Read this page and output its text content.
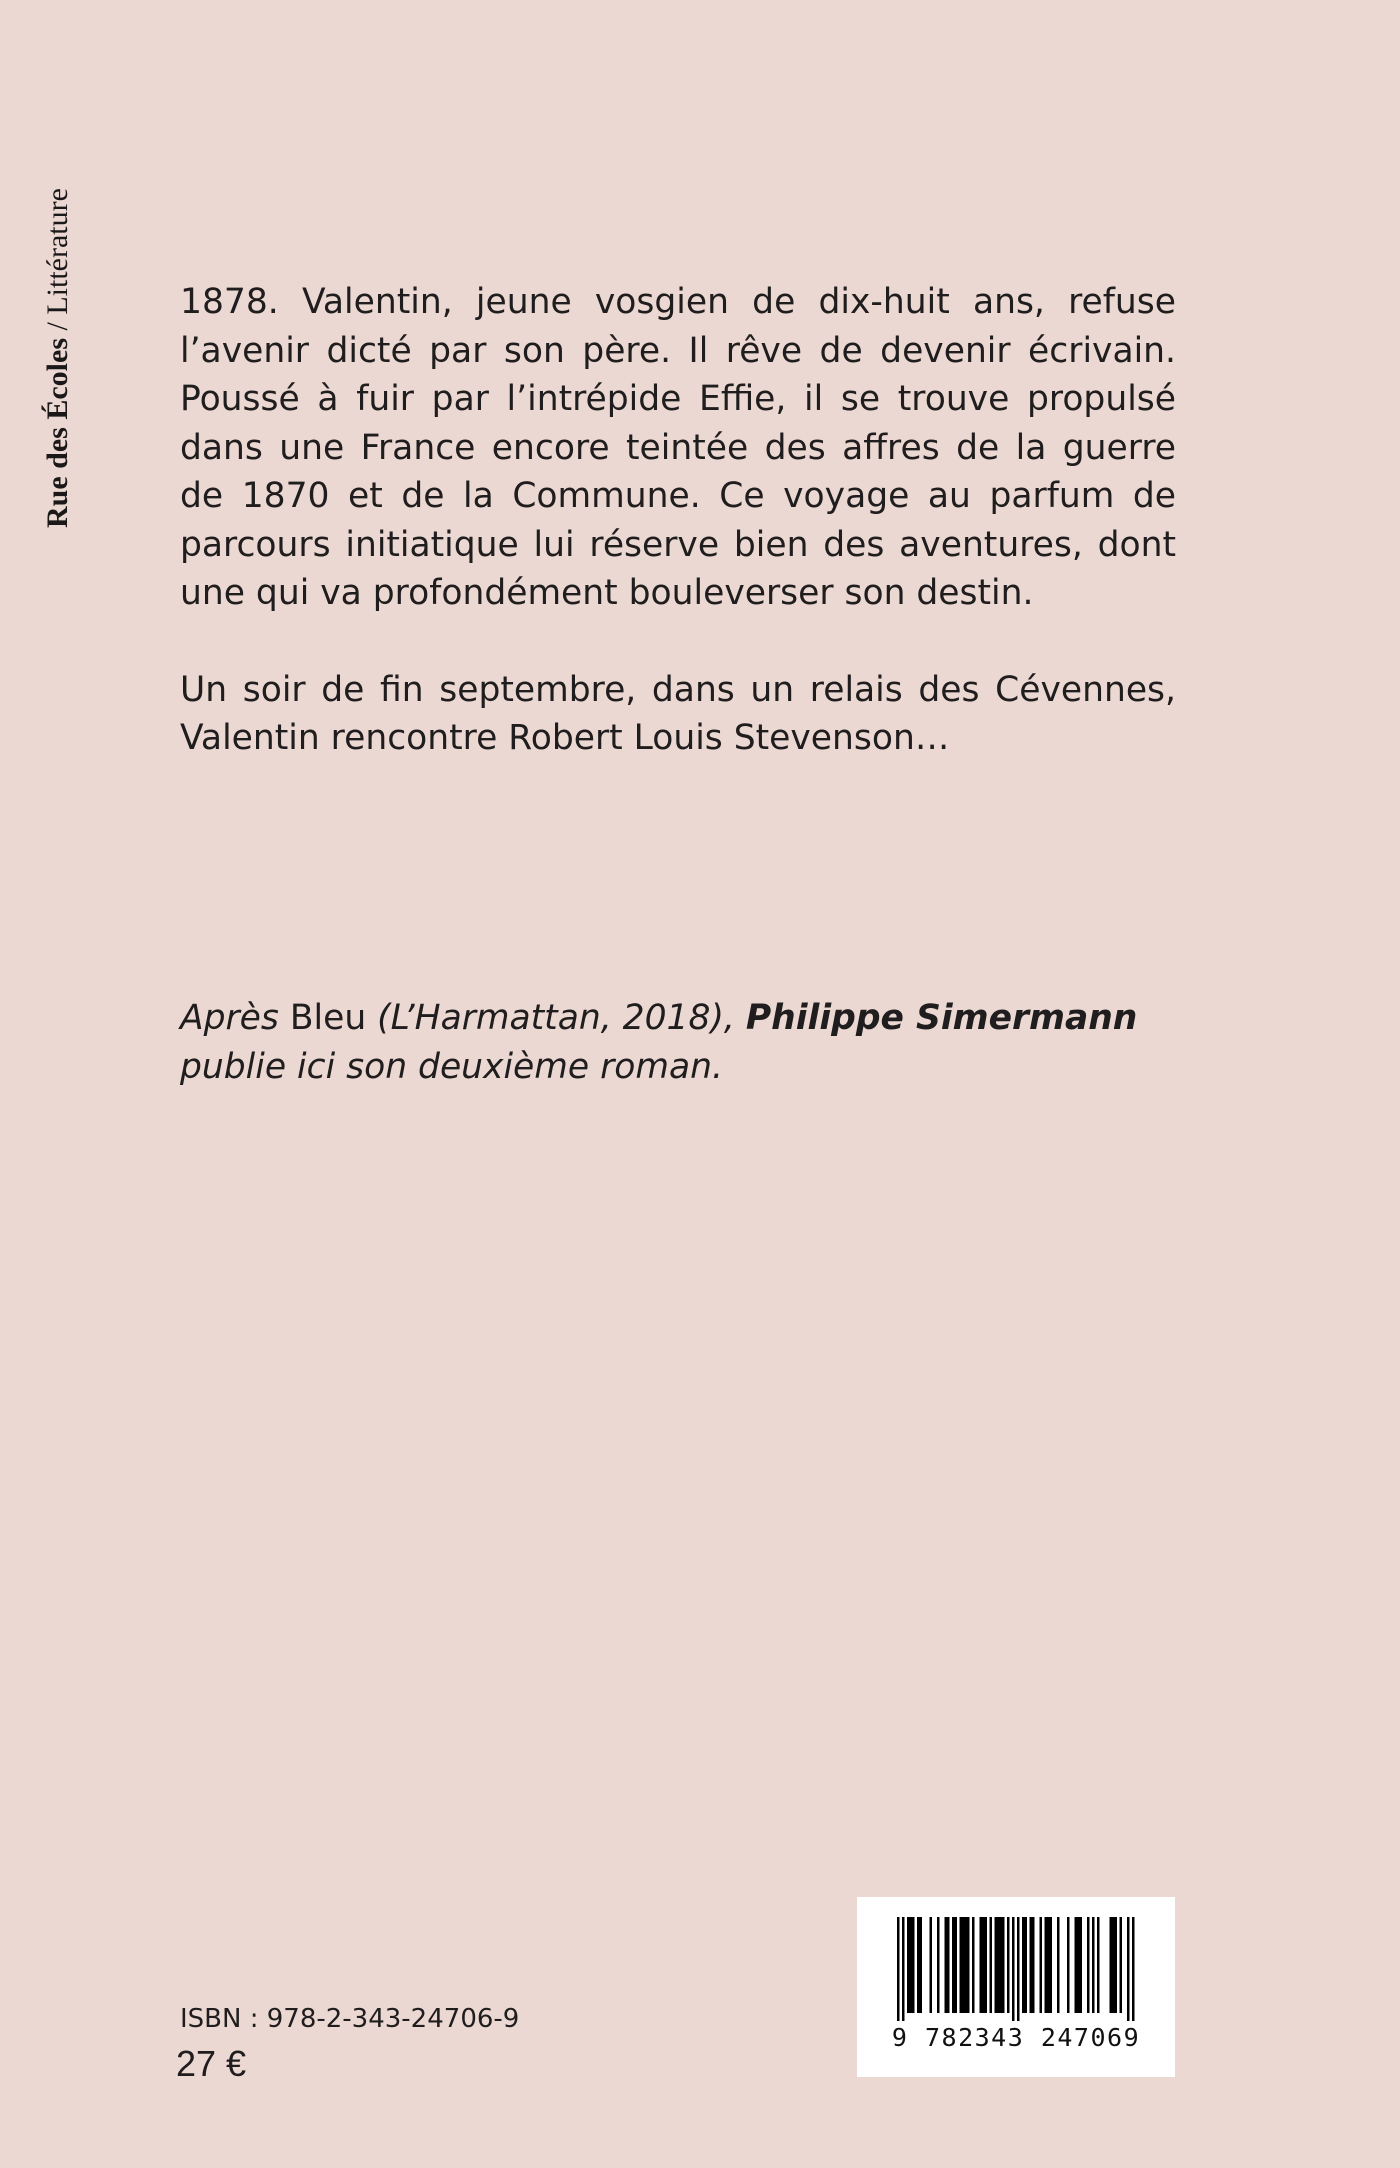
Rue des Écoles / Littérature	1878. Valentin, jeune vosgien de dix-huit ans, refuse l’avenir dicté par son père. Il rêve de devenir écrivain. Poussé à fuir par l’intrépide Effie, il se trouve propulsé dans une France encore teintée des affres de la guerre de 1870 et de la Commune. Ce voyage au parfum de parcours initiatique lui réserve bien des aventures, dont une qui va profondément bouleverser son destin.

Un soir de fin septembre, dans un relais des Cévennes, Valentin rencontre Robert Louis Stevenson…

Après Bleu (L’Harmattan, 2018), Philippe Simermann publie ici son deuxième roman.
ISBN : 978-2-343-24706-9
27 €
9 782343 247069
